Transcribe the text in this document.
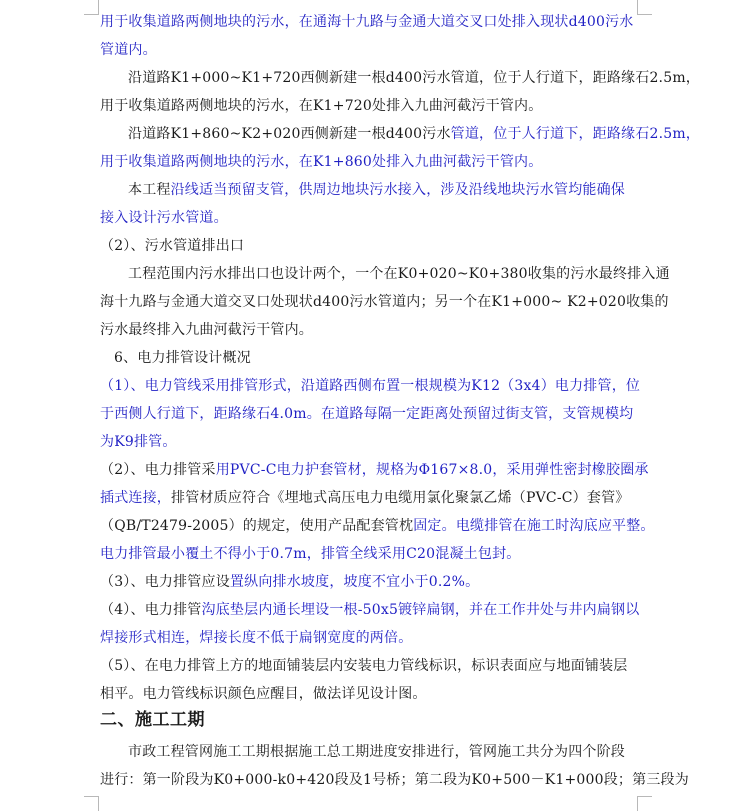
用于收集道路两侧地块的污水，在通海十九路与金通大道交叉口处排入现状d400污水
管道内。
沿道路K1+000~K1+720西侧新建一根d400污水管道，位于人行道下，距路缘石2.5m，
用于收集道路两侧地块的污水，在K1+720处排入九曲河截污干管内。
沿道路K1+860~K2+020西侧新建一根d400污水管道，位于人行道下，距路缘石2.5m，
用于收集道路两侧地块的污水，在K1+860处排入九曲河截污干管内。
本工程沿线适当预留支管，供周边地块污水接入，涉及沿线地块污水管均能确保
接入设计污水管道。
（2）、污水管道排出口
工程范围内污水排出口也设计两个，一个在K0+020~K0+380收集的污水最终排入通
海十九路与金通大道交叉口处现状d400污水管道内；另一个在K1+000~ K2+020收集的
污水最终排入九曲河截污干管内。
6、电力排管设计概况
（1）、电力管线采用排管形式，沿道路西侧布置一根规模为K12（3x4）电力排管，位
于西侧人行道下，距路缘石4.0m。在道路每隔一定距离处预留过街支管，支管规模均
为K9排管。
（2）、电力排管采用PVC-C电力护套管材，规格为Φ167×8.0，采用弹性密封橡胶圈承
插式连接，排管材质应符合《埋地式高压电力电缆用氯化聚氯乙烯（PVC-C）套管》
（QB/T2479-2005）的规定，使用产品配套管枕固定。电缆排管在施工时沟底应平整。
电力排管最小覆土不得小于0.7m，排管全线采用C20混凝土包封。
（3）、电力排管应设置纵向排水坡度，坡度不宜小于0.2%。
（4）、电力排管沟底垫层内通长埋设一根-50x5镀锌扁钢，并在工作井处与井内扁钢以
焊接形式相连，焊接长度不低于扁钢宽度的两倍。
（5）、在电力排管上方的地面铺装层内安装电力管线标识，标识表面应与地面铺装层
相平。电力管线标识颜色应醒目，做法详见设计图。
二、施工工期
市政工程管网施工工期根据施工总工期进度安排进行，管网施工共分为四个阶段
进行：第一阶段为K0+000-k0+420段及1号桥；第二段为K0+500－K1+000段；第三段为
